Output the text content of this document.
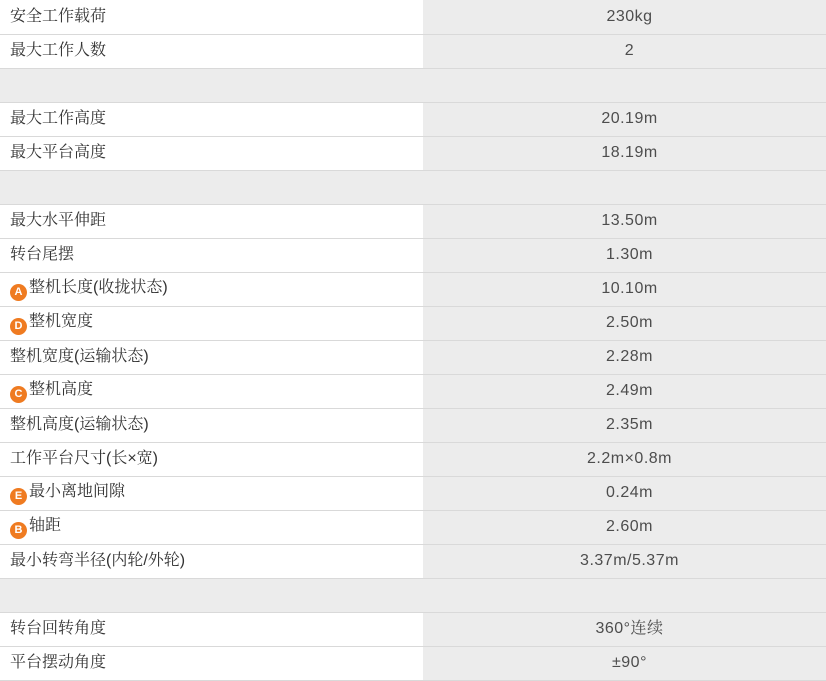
安全工作载荷	230kg
最大工作人数	2

最大工作高度	20.19m
最大平台高度	18.19m

最大水平伸距	13.50m
转台尾摆	1.30m
A 整机长度(收拢状态)	10.10m
D 整机宽度	2.50m
整机宽度(运输状态)	2.28m
C 整机高度	2.49m
整机高度(运输状态)	2.35m
工作平台尺寸(长×宽)	2.2m×0.8m
E 最小离地间隙	0.24m
B 轴距	2.60m
最小转弯半径(内轮/外轮)	3.37m/5.37m

转台回转角度	360°连续
平台摆动角度	±90°
